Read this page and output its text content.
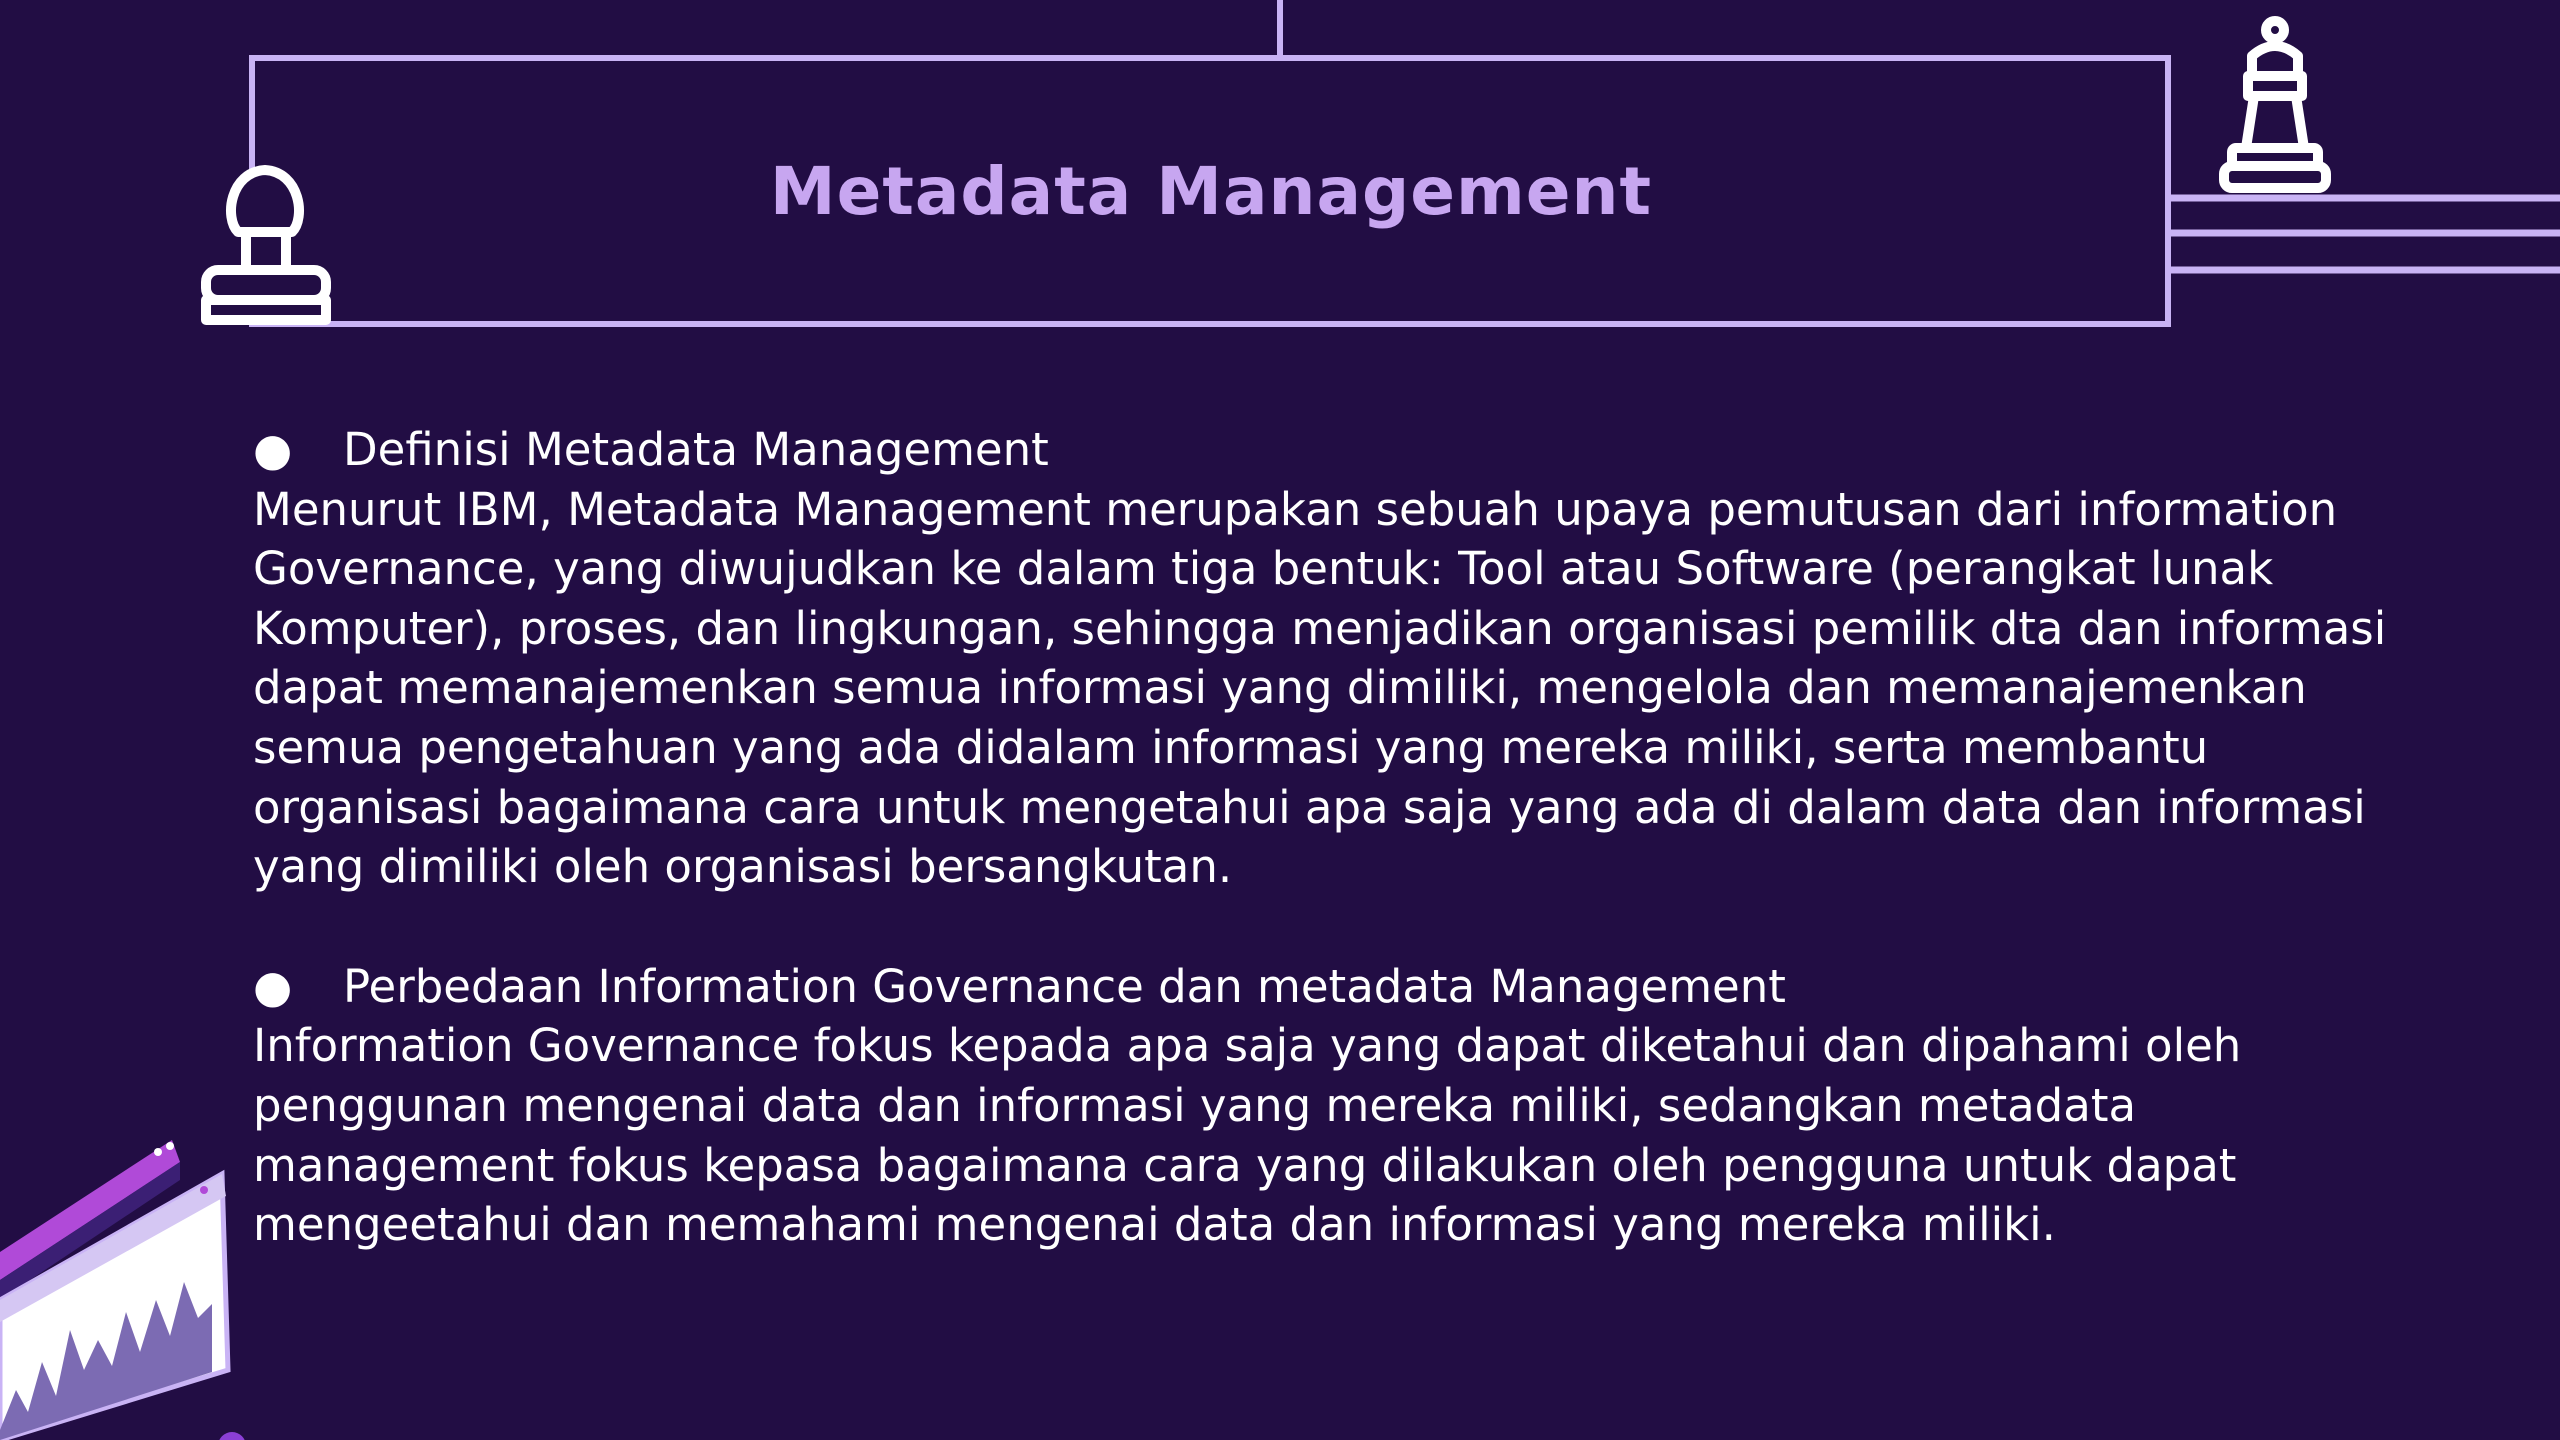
Metadata Management
●	Definisi Metadata Management

Menurut IBM, Metadata Management merupakan sebuah upaya pemutusan dari information Governance, yang diwujudkan ke dalam tiga bentuk: Tool atau Software (perangkat lunak Komputer), proses, dan lingkungan, sehingga menjadikan organisasi pemilik dta dan informasi dapat memanajemenkan semua informasi yang dimiliki, mengelola dan memanajemenkan semua pengetahuan yang ada didalam informasi yang mereka miliki, serta membantu organisasi bagaimana cara untuk mengetahui apa saja yang ada di dalam data dan informasi yang dimiliki oleh organisasi bersangkutan.

●	Perbedaan Information Governance dan metadata Management

Information Governance fokus kepada apa saja yang dapat diketahui dan dipahami oleh penggunan mengenai data dan informasi yang mereka miliki, sedangkan metadata management fokus kepasa bagaimana cara yang dilakukan oleh pengguna untuk dapat mengeetahui dan memahami mengenai data dan informasi yang mereka miliki.
